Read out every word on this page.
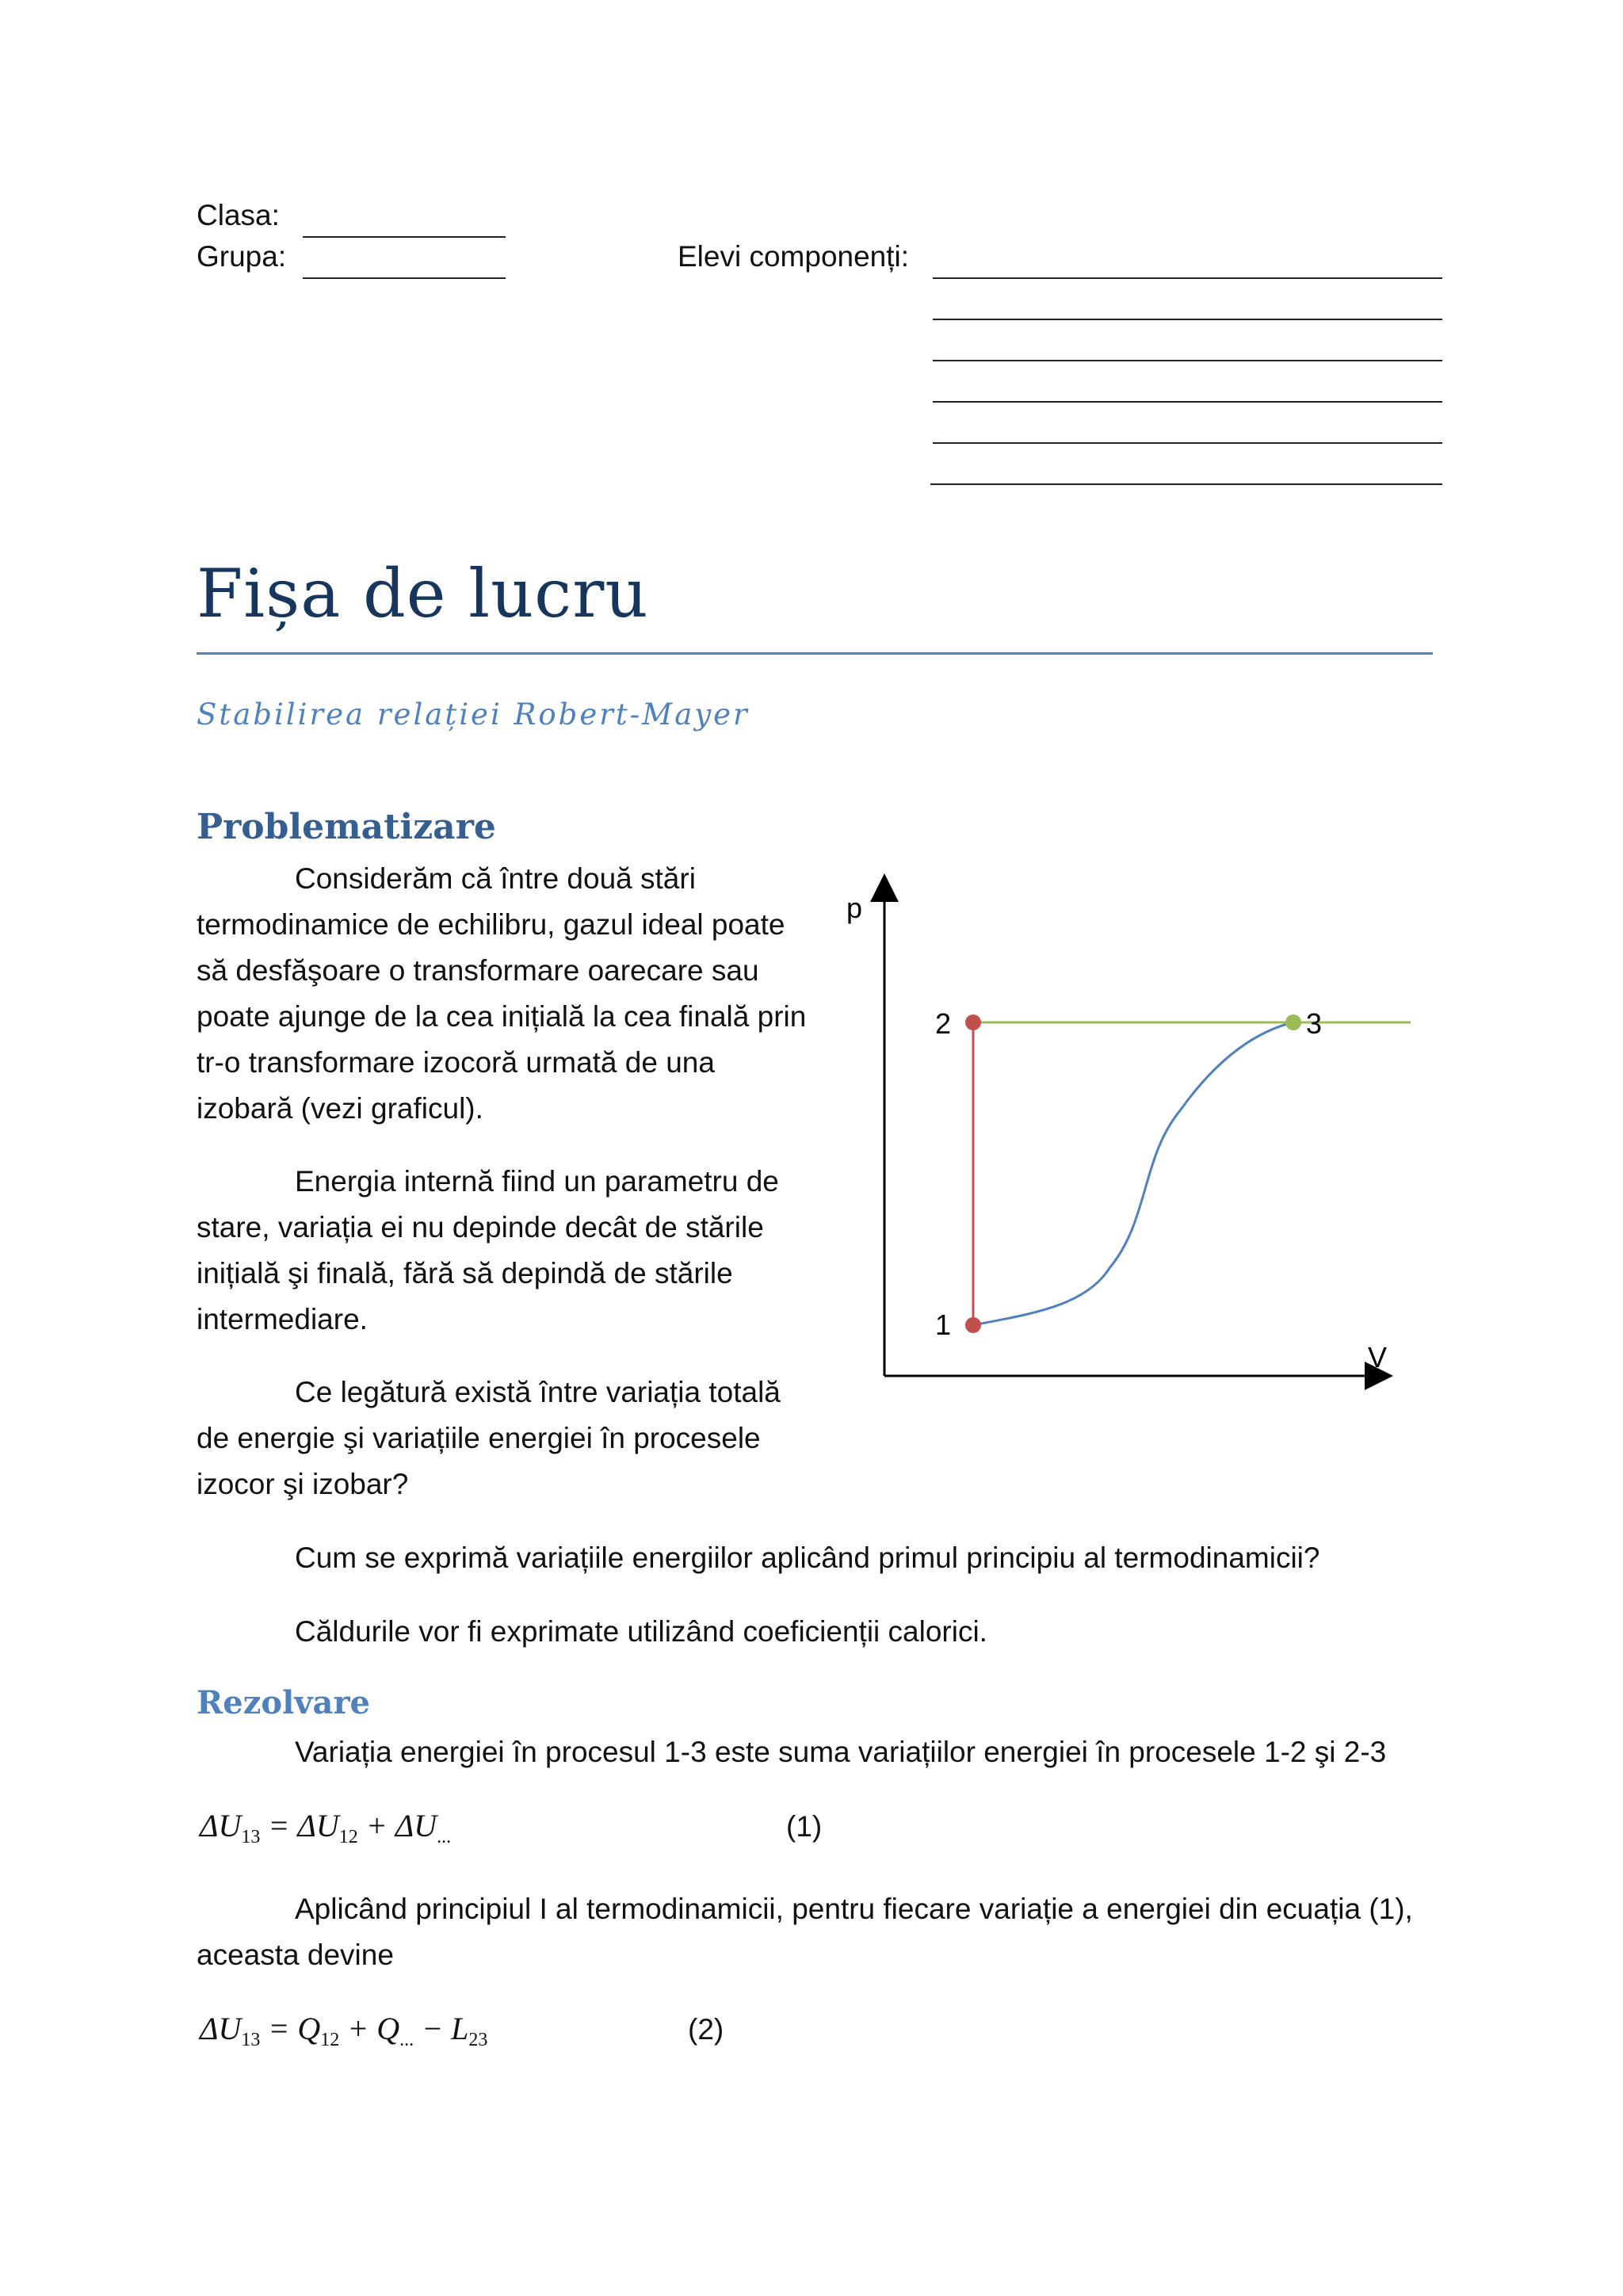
Clasa:
Grupa:	Elevi componenți:
Fișa de lucru
Stabilirea relației Robert-Mayer
Problematizare

Considerăm că între două stări termodinamice de echilibru, gazul ideal poate să desfăşoare o transformare oarecare sau poate ajunge de la cea inițială la cea finală prin tr-o transformare izocoră urmată de una izobară (vezi graficul).

Energia internă fiind un parametru de stare, variația ei nu depinde decât de stările inițială şi finală, fără să depindă de stările intermediare.

Ce legătură există între variația totală de energie şi variațiile energiei în procesele izocor şi izobar?

Cum se exprimă variațiile energiilor aplicând primul principiu al termodinamicii?

Căldurile vor fi exprimate utilizând coeficienții calorici.

p
V
1
2	3
Rezolvare

Variația energiei în procesul 1-3 este suma variațiilor energiei în procesele 1-2 şi 2-3

$\Delta U_{13} = \Delta U_{12} + \Delta U_{...}$	(1)

Aplicând principiul I al termodinamicii, pentru fiecare variație a energiei din ecuația (1), aceasta devine

$\Delta U_{13} = Q_{12} + Q_{...} - L_{23}$	(2)
